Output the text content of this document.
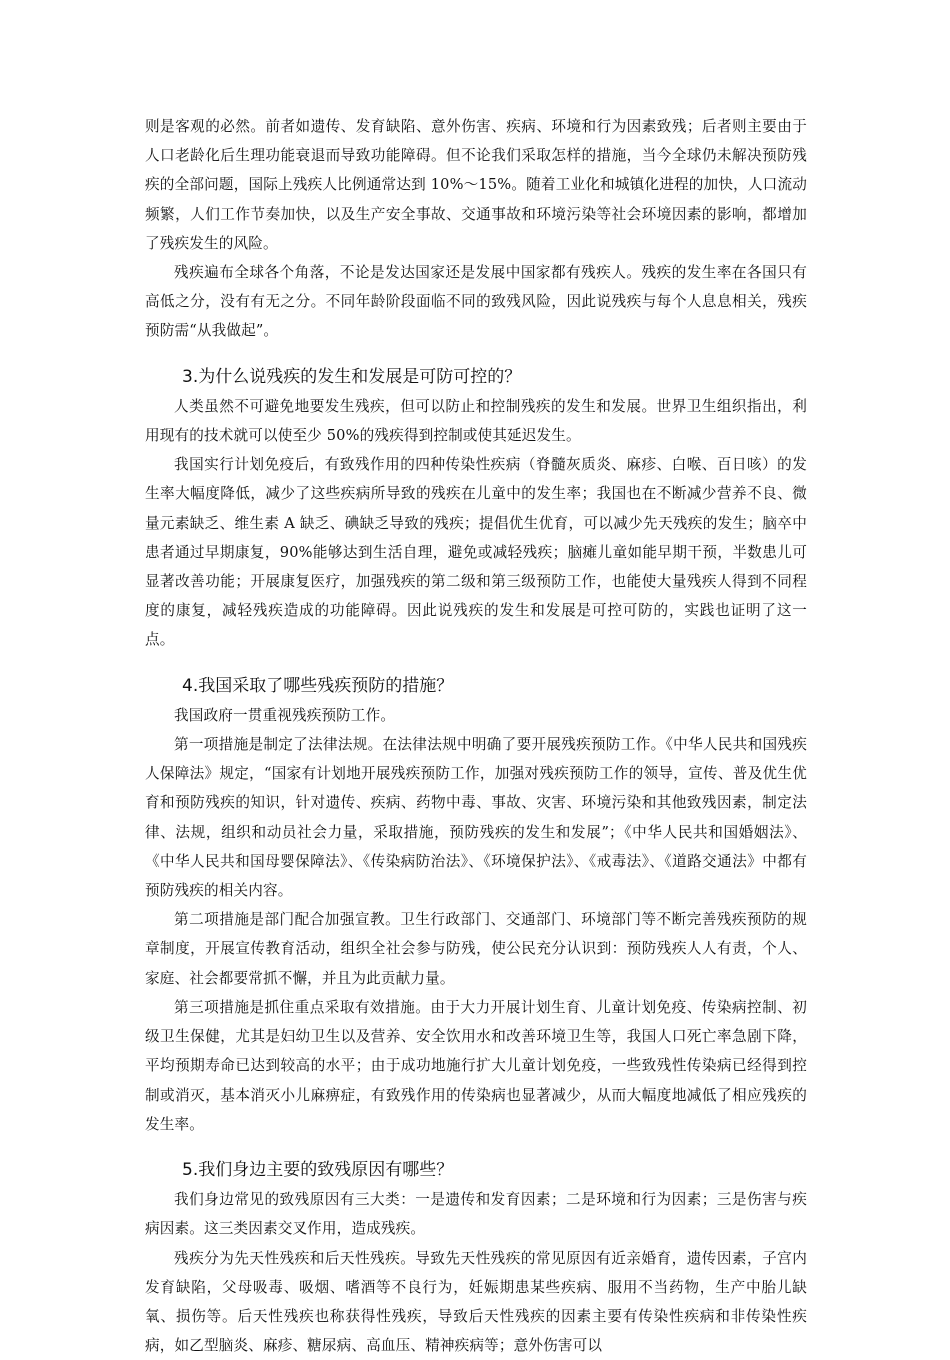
则是客观的必然。前者如遗传、发育缺陷、意外伤害、疾病、环境和行为因素致残；后者则主要由于人口老龄化后生理功能衰退而导致功能障碍。但不论我们采取怎样的措施，当今全球仍未解决预防残疾的全部问题，国际上残疾人比例通常达到 10%～15%。随着工业化和城镇化进程的加快，人口流动频繁，人们工作节奏加快，以及生产安全事故、交通事故和环境污染等社会环境因素的影响，都增加了残疾发生的风险。

残疾遍布全球各个角落，不论是发达国家还是发展中国家都有残疾人。残疾的发生率在各国只有高低之分，没有有无之分。不同年龄阶段面临不同的致残风险，因此说残疾与每个人息息相关，残疾预防需“从我做起”。

3.为什么说残疾的发生和发展是可防可控的？

人类虽然不可避免地要发生残疾，但可以防止和控制残疾的发生和发展。世界卫生组织指出，利用现有的技术就可以使至少 50%的残疾得到控制或使其延迟发生。

我国实行计划免疫后，有致残作用的四种传染性疾病（脊髓灰质炎、麻疹、白喉、百日咳）的发生率大幅度降低，减少了这些疾病所导致的残疾在儿童中的发生率；我国也在不断减少营养不良、微量元素缺乏、维生素 A 缺乏、碘缺乏导致的残疾；提倡优生优育，可以减少先天残疾的发生；脑卒中患者通过早期康复，90%能够达到生活自理，避免或减轻残疾；脑瘫儿童如能早期干预，半数患儿可显著改善功能；开展康复医疗，加强残疾的第二级和第三级预防工作，也能使大量残疾人得到不同程度的康复，减轻残疾造成的功能障碍。因此说残疾的发生和发展是可控可防的，实践也证明了这一点。

4.我国采取了哪些残疾预防的措施？

我国政府一贯重视残疾预防工作。

第一项措施是制定了法律法规。在法律法规中明确了要开展残疾预防工作。《中华人民共和国残疾人保障法》规定，“国家有计划地开展残疾预防工作，加强对残疾预防工作的领导，宣传、普及优生优育和预防残疾的知识，针对遗传、疾病、药物中毒、事故、灾害、环境污染和其他致残因素，制定法律、法规，组织和动员社会力量，采取措施，预防残疾的发生和发展”；《中华人民共和国婚姻法》、《中华人民共和国母婴保障法》、《传染病防治法》、《环境保护法》、《戒毒法》、《道路交通法》中都有预防残疾的相关内容。

第二项措施是部门配合加强宣教。卫生行政部门、交通部门、环境部门等不断完善残疾预防的规章制度，开展宣传教育活动，组织全社会参与防残，使公民充分认识到：预防残疾人人有责，个人、家庭、社会都要常抓不懈，并且为此贡献力量。

第三项措施是抓住重点采取有效措施。由于大力开展计划生育、儿童计划免疫、传染病控制、初级卫生保健，尤其是妇幼卫生以及营养、安全饮用水和改善环境卫生等，我国人口死亡率急剧下降，平均预期寿命已达到较高的水平；由于成功地施行扩大儿童计划免疫，一些致残性传染病已经得到控制或消灭，基本消灭小儿麻痹症，有致残作用的传染病也显著减少，从而大幅度地减低了相应残疾的发生率。

5.我们身边主要的致残原因有哪些？

我们身边常见的致残原因有三大类：一是遗传和发育因素；二是环境和行为因素；三是伤害与疾病因素。这三类因素交叉作用，造成残疾。

残疾分为先天性残疾和后天性残疾。导致先天性残疾的常见原因有近亲婚育，遗传因素，子宫内发育缺陷，父母吸毒、吸烟、嗜酒等不良行为，妊娠期患某些疾病、服用不当药物，生产中胎儿缺氧、损伤等。后天性残疾也称获得性残疾，导致后天性残疾的因素主要有传染性疾病和非传染性疾病，如乙型脑炎、麻疹、糖尿病、高血压、精神疾病等；意外伤害可以
